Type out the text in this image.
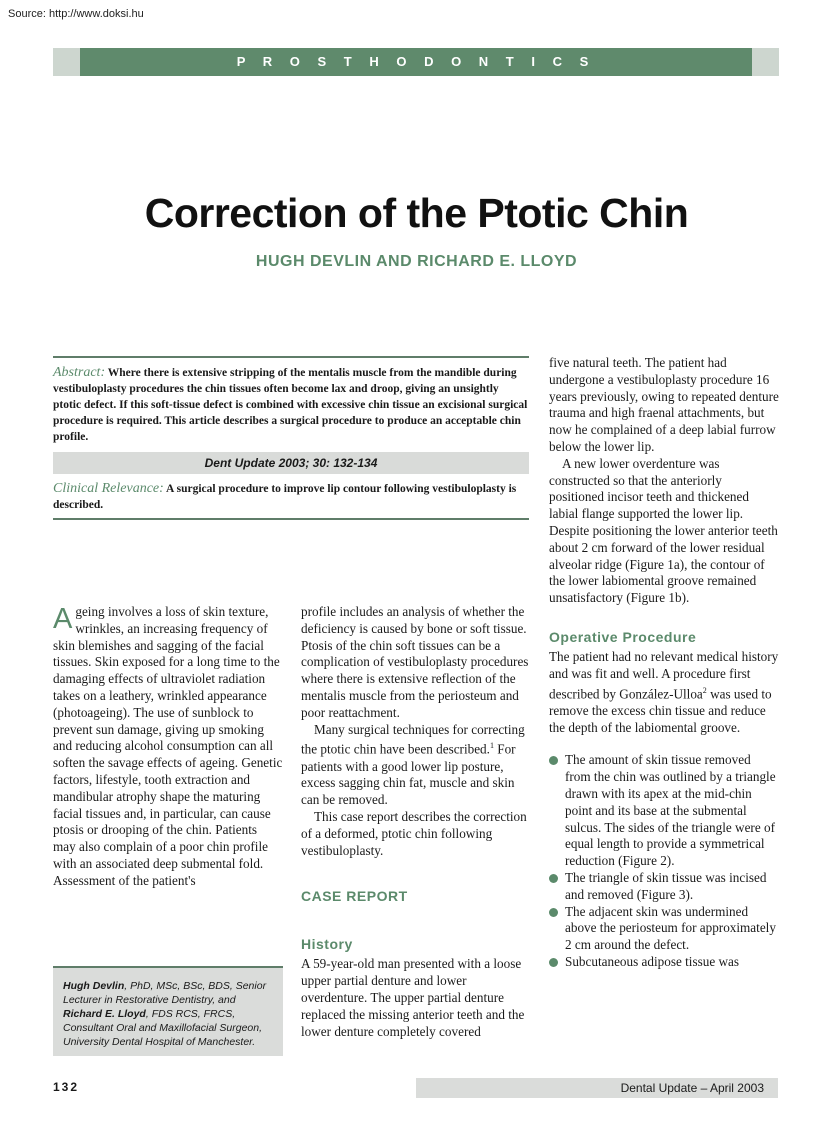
Source: http://www.doksi.hu
P R O S T H O D O N T I C S
Correction of the Ptotic Chin
HUGH DEVLIN AND RICHARD E. LLOYD
Abstract: Where there is extensive stripping of the mentalis muscle from the mandible during vestibuloplasty procedures the chin tissues often become lax and droop, giving an unsightly ptotic defect. If this soft-tissue defect is combined with excessive chin tissue an excisional surgical procedure is required. This article describes a surgical procedure to produce an acceptable chin profile.
Dent Update 2003; 30: 132-134
Clinical Relevance: A surgical procedure to improve lip contour following vestibuloplasty is described.

Ageing involves a loss of skin texture, wrinkles, an increasing frequency of skin blemishes and sagging of the facial tissues. Skin exposed for a long time to the damaging effects of ultraviolet radiation takes on a leathery, wrinkled appearance (photoageing). The use of sunblock to prevent sun damage, giving up smoking and reducing alcohol consumption can all soften the savage effects of ageing. Genetic factors, lifestyle, tooth extraction and mandibular atrophy shape the maturing facial tissues and, in particular, can cause ptosis or drooping of the chin. Patients may also complain of a poor chin profile with an associated deep submental fold. Assessment of the patient's

Hugh Devlin, PhD, MSc, BSc, BDS, Senior Lecturer in Restorative Dentistry, and Richard E. Lloyd, FDS RCS, FRCS, Consultant Oral and Maxillofacial Surgeon, University Dental Hospital of Manchester.

profile includes an analysis of whether the deficiency is caused by bone or soft tissue. Ptosis of the chin soft tissues can be a complication of vestibuloplasty procedures where there is extensive reflection of the mentalis muscle from the periosteum and poor reattachment.

Many surgical techniques for correcting the ptotic chin have been described.$^1$ For patients with a good lower lip posture, excess sagging chin fat, muscle and skin can be removed.

This case report describes the correction of a deformed, ptotic chin following vestibuloplasty.

CASE REPORT
History

A 59-year-old man presented with a loose upper partial denture and lower overdenture. The upper partial denture replaced the missing anterior teeth and the lower denture completely covered

five natural teeth. The patient had undergone a vestibuloplasty procedure 16 years previously, owing to repeated denture trauma and high fraenal attachments, but now he complained of a deep labial furrow below the lower lip.

A new lower overdenture was constructed so that the anteriorly positioned incisor teeth and thickened labial flange supported the lower lip. Despite positioning the lower anterior teeth about 2 cm forward of the lower residual alveolar ridge (Figure 1a), the contour of the lower labiomental groove remained unsatisfactory (Figure 1b).

Operative Procedure

The patient had no relevant medical history and was fit and well. A procedure first described by González-Ulloa$^2$ was used to remove the excess chin tissue and reduce the depth of the labiomental groove.

The amount of skin tissue removed from the chin was outlined by a triangle drawn with its apex at the mid-chin point and its base at the submental sulcus. The sides of the triangle were of equal length to provide a symmetrical reduction (Figure 2).
The triangle of skin tissue was incised and removed (Figure 3).
The adjacent skin was undermined above the periosteum for approximately 2 cm around the defect.
Subcutaneous adipose tissue was
132	Dental Update – April 2003
